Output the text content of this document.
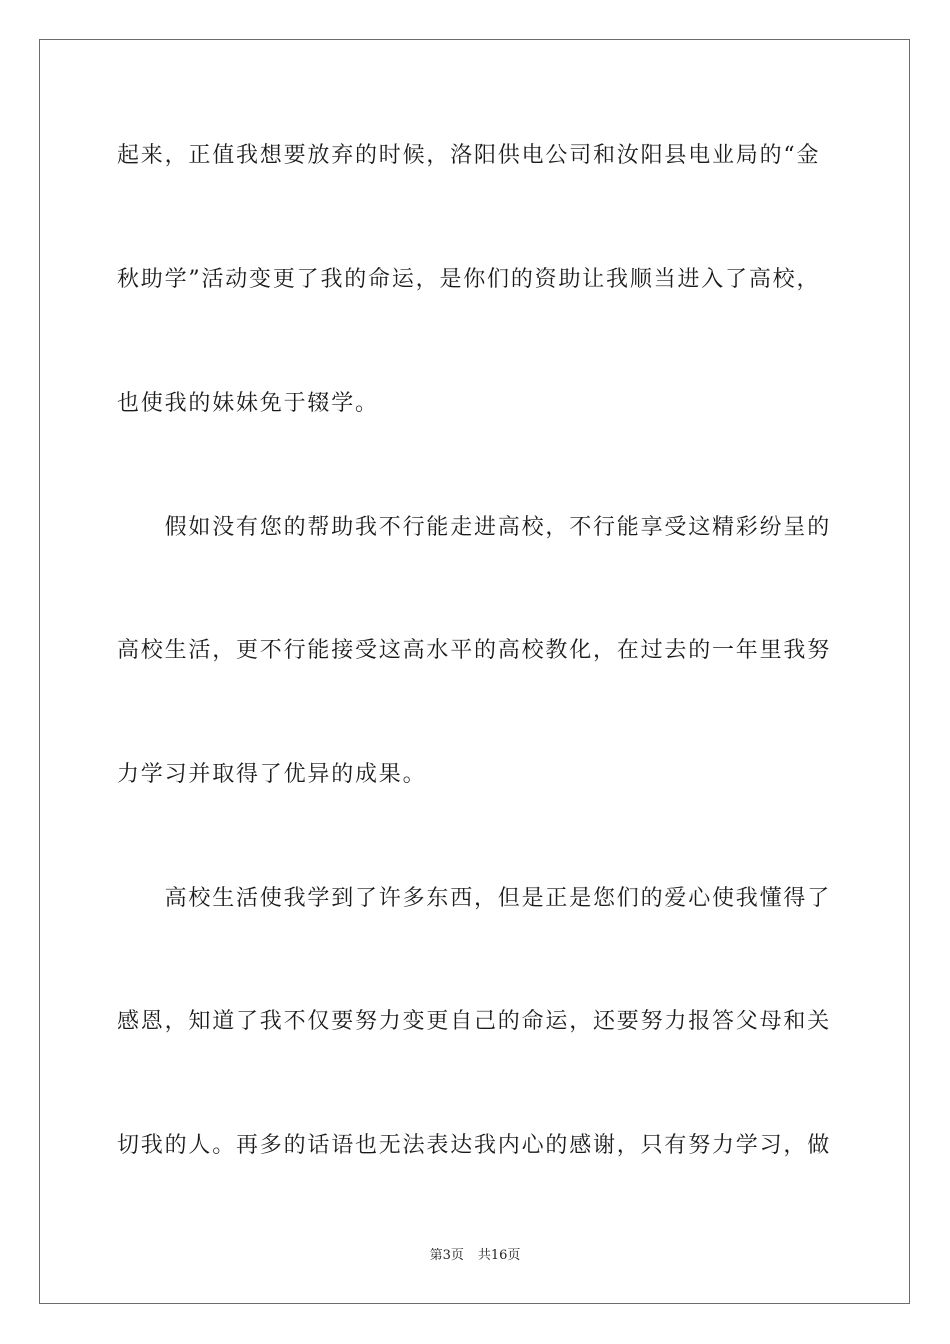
起来，正值我想要放弃的时候，洛阳供电公司和汝阳县电业局的“金
秋助学”活动变更了我的命运，是你们的资助让我顺当进入了高校，
也使我的妹妹免于辍学。
　　假如没有您的帮助我不行能走进高校，不行能享受这精彩纷呈的
高校生活，更不行能接受这高水平的高校教化，在过去的一年里我努
力学习并取得了优异的成果。
　　高校生活使我学到了许多东西，但是正是您们的爱心使我懂得了
感恩，知道了我不仅要努力变更自己的命运，还要努力报答父母和关
切我的人。再多的话语也无法表达我内心的感谢，只有努力学习，做
第3页 共16页
